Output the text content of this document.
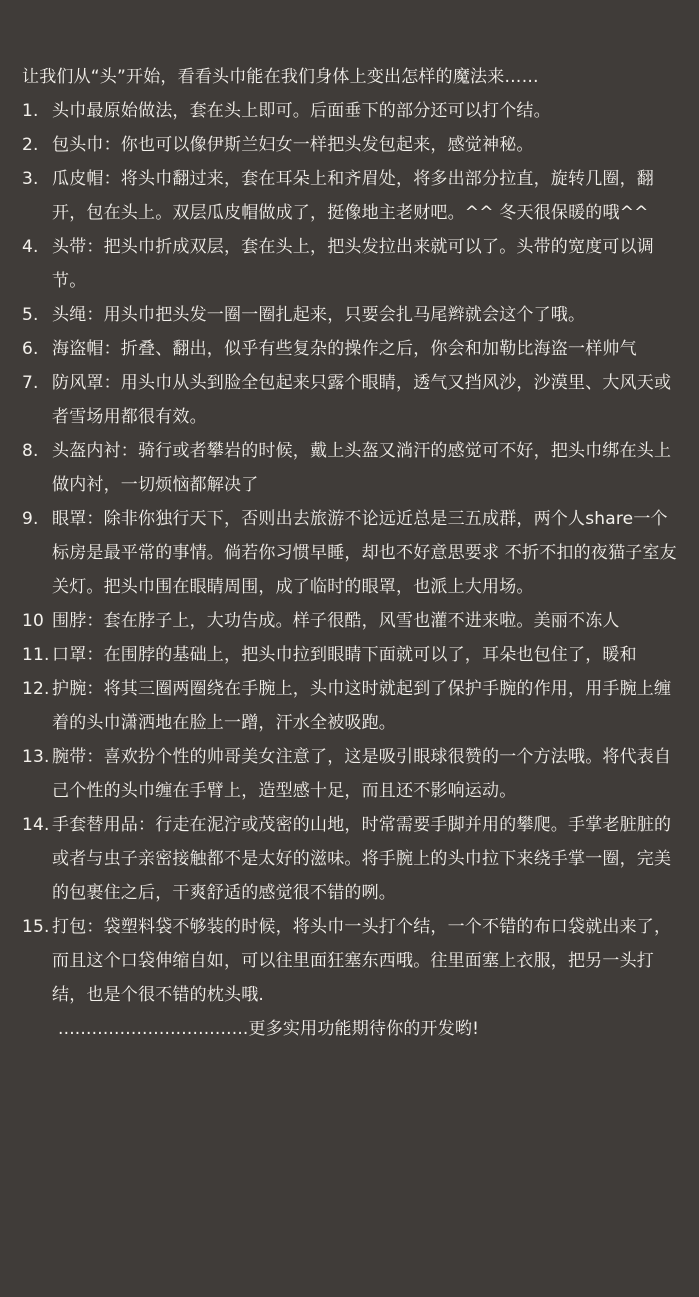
让我们从“头”开始，看看头巾能在我们身体上变出怎样的魔法来……

1. 头巾最原始做法，套在头上即可。后面垂下的部分还可以打个结。
2. 包头巾：你也可以像伊斯兰妇女一样把头发包起来，感觉神秘。
3. 瓜皮帽：将头巾翻过来，套在耳朵上和齐眉处，将多出部分拉直，旋转几圈，翻开，包在头上。双层瓜皮帽做成了，挺像地主老财吧。^^ 冬天很保暖的哦^^
4. 头带：把头巾折成双层，套在头上，把头发拉出来就可以了。头带的宽度可以调节。
5. 头绳：用头巾把头发一圈一圈扎起来，只要会扎马尾辫就会这个了哦。
6. 海盗帽：折叠、翻出，似乎有些复杂的操作之后，你会和加勒比海盗一样帅气
7. 防风罩：用头巾从头到脸全包起来只露个眼睛，透气又挡风沙，沙漠里、大风天或者雪场用都很有效。
8. 头盔内衬：骑行或者攀岩的时候，戴上头盔又淌汗的感觉可不好，把头巾绑在头上做内衬，一切烦恼都解决了
9. 眼罩：除非你独行天下，否则出去旅游不论远近总是三五成群，两个人share一个标房是最平常的事情。倘若你习惯早睡，却也不好意思要求 不折不扣的夜猫子室友关灯。把头巾围在眼睛周围，成了临时的眼罩，也派上大用场。
10 围脖：套在脖子上，大功告成。样子很酷，风雪也灌不进来啦。美丽不冻人
11. 口罩：在围脖的基础上，把头巾拉到眼睛下面就可以了，耳朵也包住了，暖和
12. 护腕：将其三圈两圈绕在手腕上，头巾这时就起到了保护手腕的作用，用手腕上缠着的头巾潇洒地在脸上一蹭，汗水全被吸跑。
13. 腕带：喜欢扮个性的帅哥美女注意了，这是吸引眼球很赞的一个方法哦。将代表自己个性的头巾缠在手臂上，造型感十足，而且还不影响运动。
14. 手套替用品：行走在泥泞或茂密的山地，时常需要手脚并用的攀爬。手掌老脏脏的或者与虫子亲密接触都不是太好的滋味。将手腕上的头巾拉下来绕手掌一圈，完美的包裹住之后，干爽舒适的感觉很不错的咧。
15. 打包：袋塑料袋不够装的时候，将头巾一头打个结，一个不错的布口袋就出来了，而且这个口袋伸缩自如，可以往里面狂塞东西哦。往里面塞上衣服，把另一头打结，也是个很不错的枕头哦.
..................................更多实用功能期待你的开发哟!
